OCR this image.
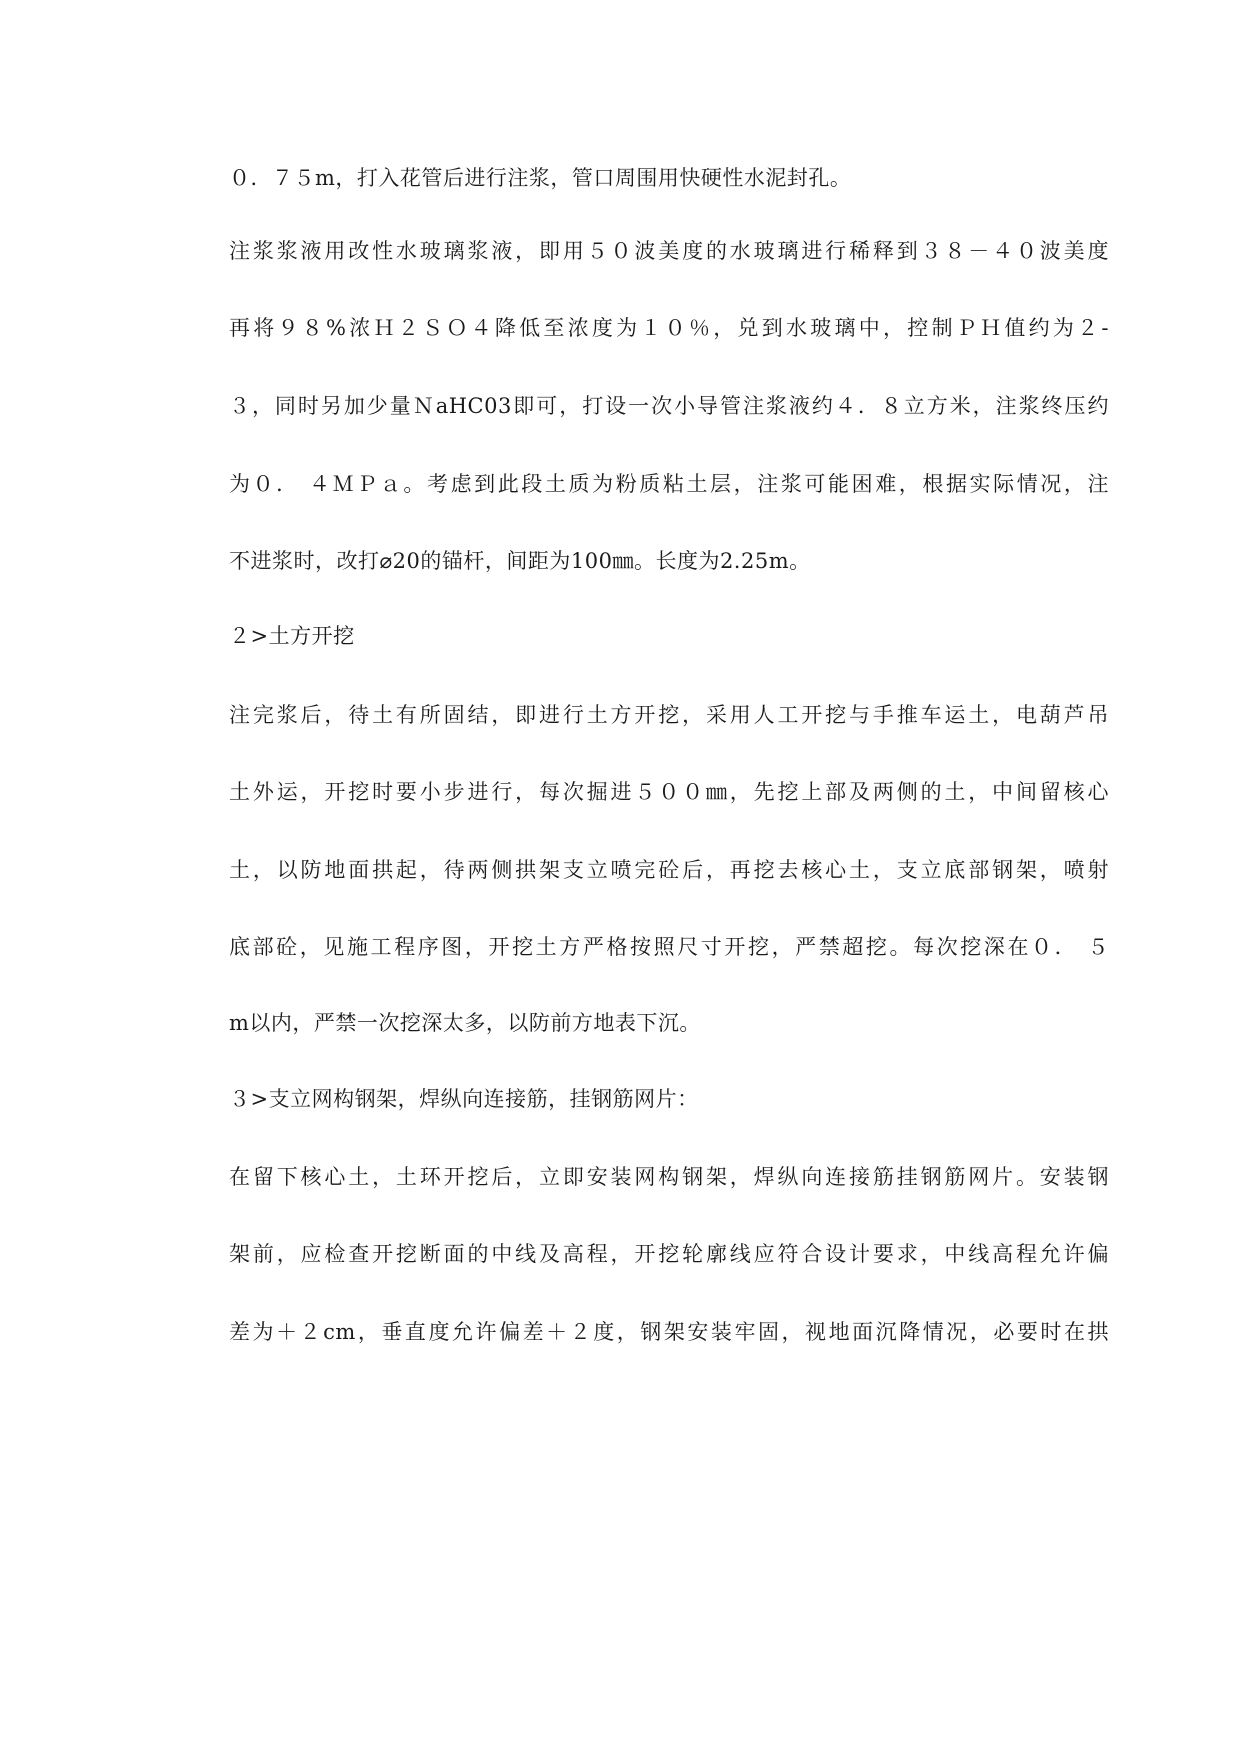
０．７５m，打入花管后进行注浆，管口周围用快硬性水泥封孔。
注浆浆液用改性水玻璃浆液，即用５０波美度的水玻璃进行稀释到３８－４０波美度
再将９８%浓Ｈ２ＳＯ４降低至浓度为１０％，兑到水玻璃中，控制ＰＨ值约为２-
３，同时另加少量ＮaHC03即可，打设一次小导管注浆液约４．８立方米，注浆终压约
为０． ４ＭＰａ。考虑到此段土质为粉质粘土层，注浆可能困难，根据实际情况，注
不进浆时，改打⌀20的锚杆，间距为100㎜。长度为2.25m。
２>土方开挖
注完浆后，待土有所固结，即进行土方开挖，采用人工开挖与手推车运土，电葫芦吊
土外运，开挖时要小步进行，每次掘进５００㎜，先挖上部及两侧的土，中间留核心
土，以防地面拱起，待两侧拱架支立喷完砼后，再挖去核心土，支立底部钢架，喷射
底部砼，见施工程序图，开挖土方严格按照尺寸开挖，严禁超挖。每次挖深在０． ５
m以内，严禁一次挖深太多，以防前方地表下沉。
３>支立网构钢架，焊纵向连接筋，挂钢筋网片：
在留下核心土，土环开挖后，立即安装网构钢架，焊纵向连接筋挂钢筋网片。安装钢
架前，应检查开挖断面的中线及高程，开挖轮廓线应符合设计要求，中线高程允许偏
差为＋２cm，垂直度允许偏差＋２度，钢架安装牢固，视地面沉降情况，必要时在拱
